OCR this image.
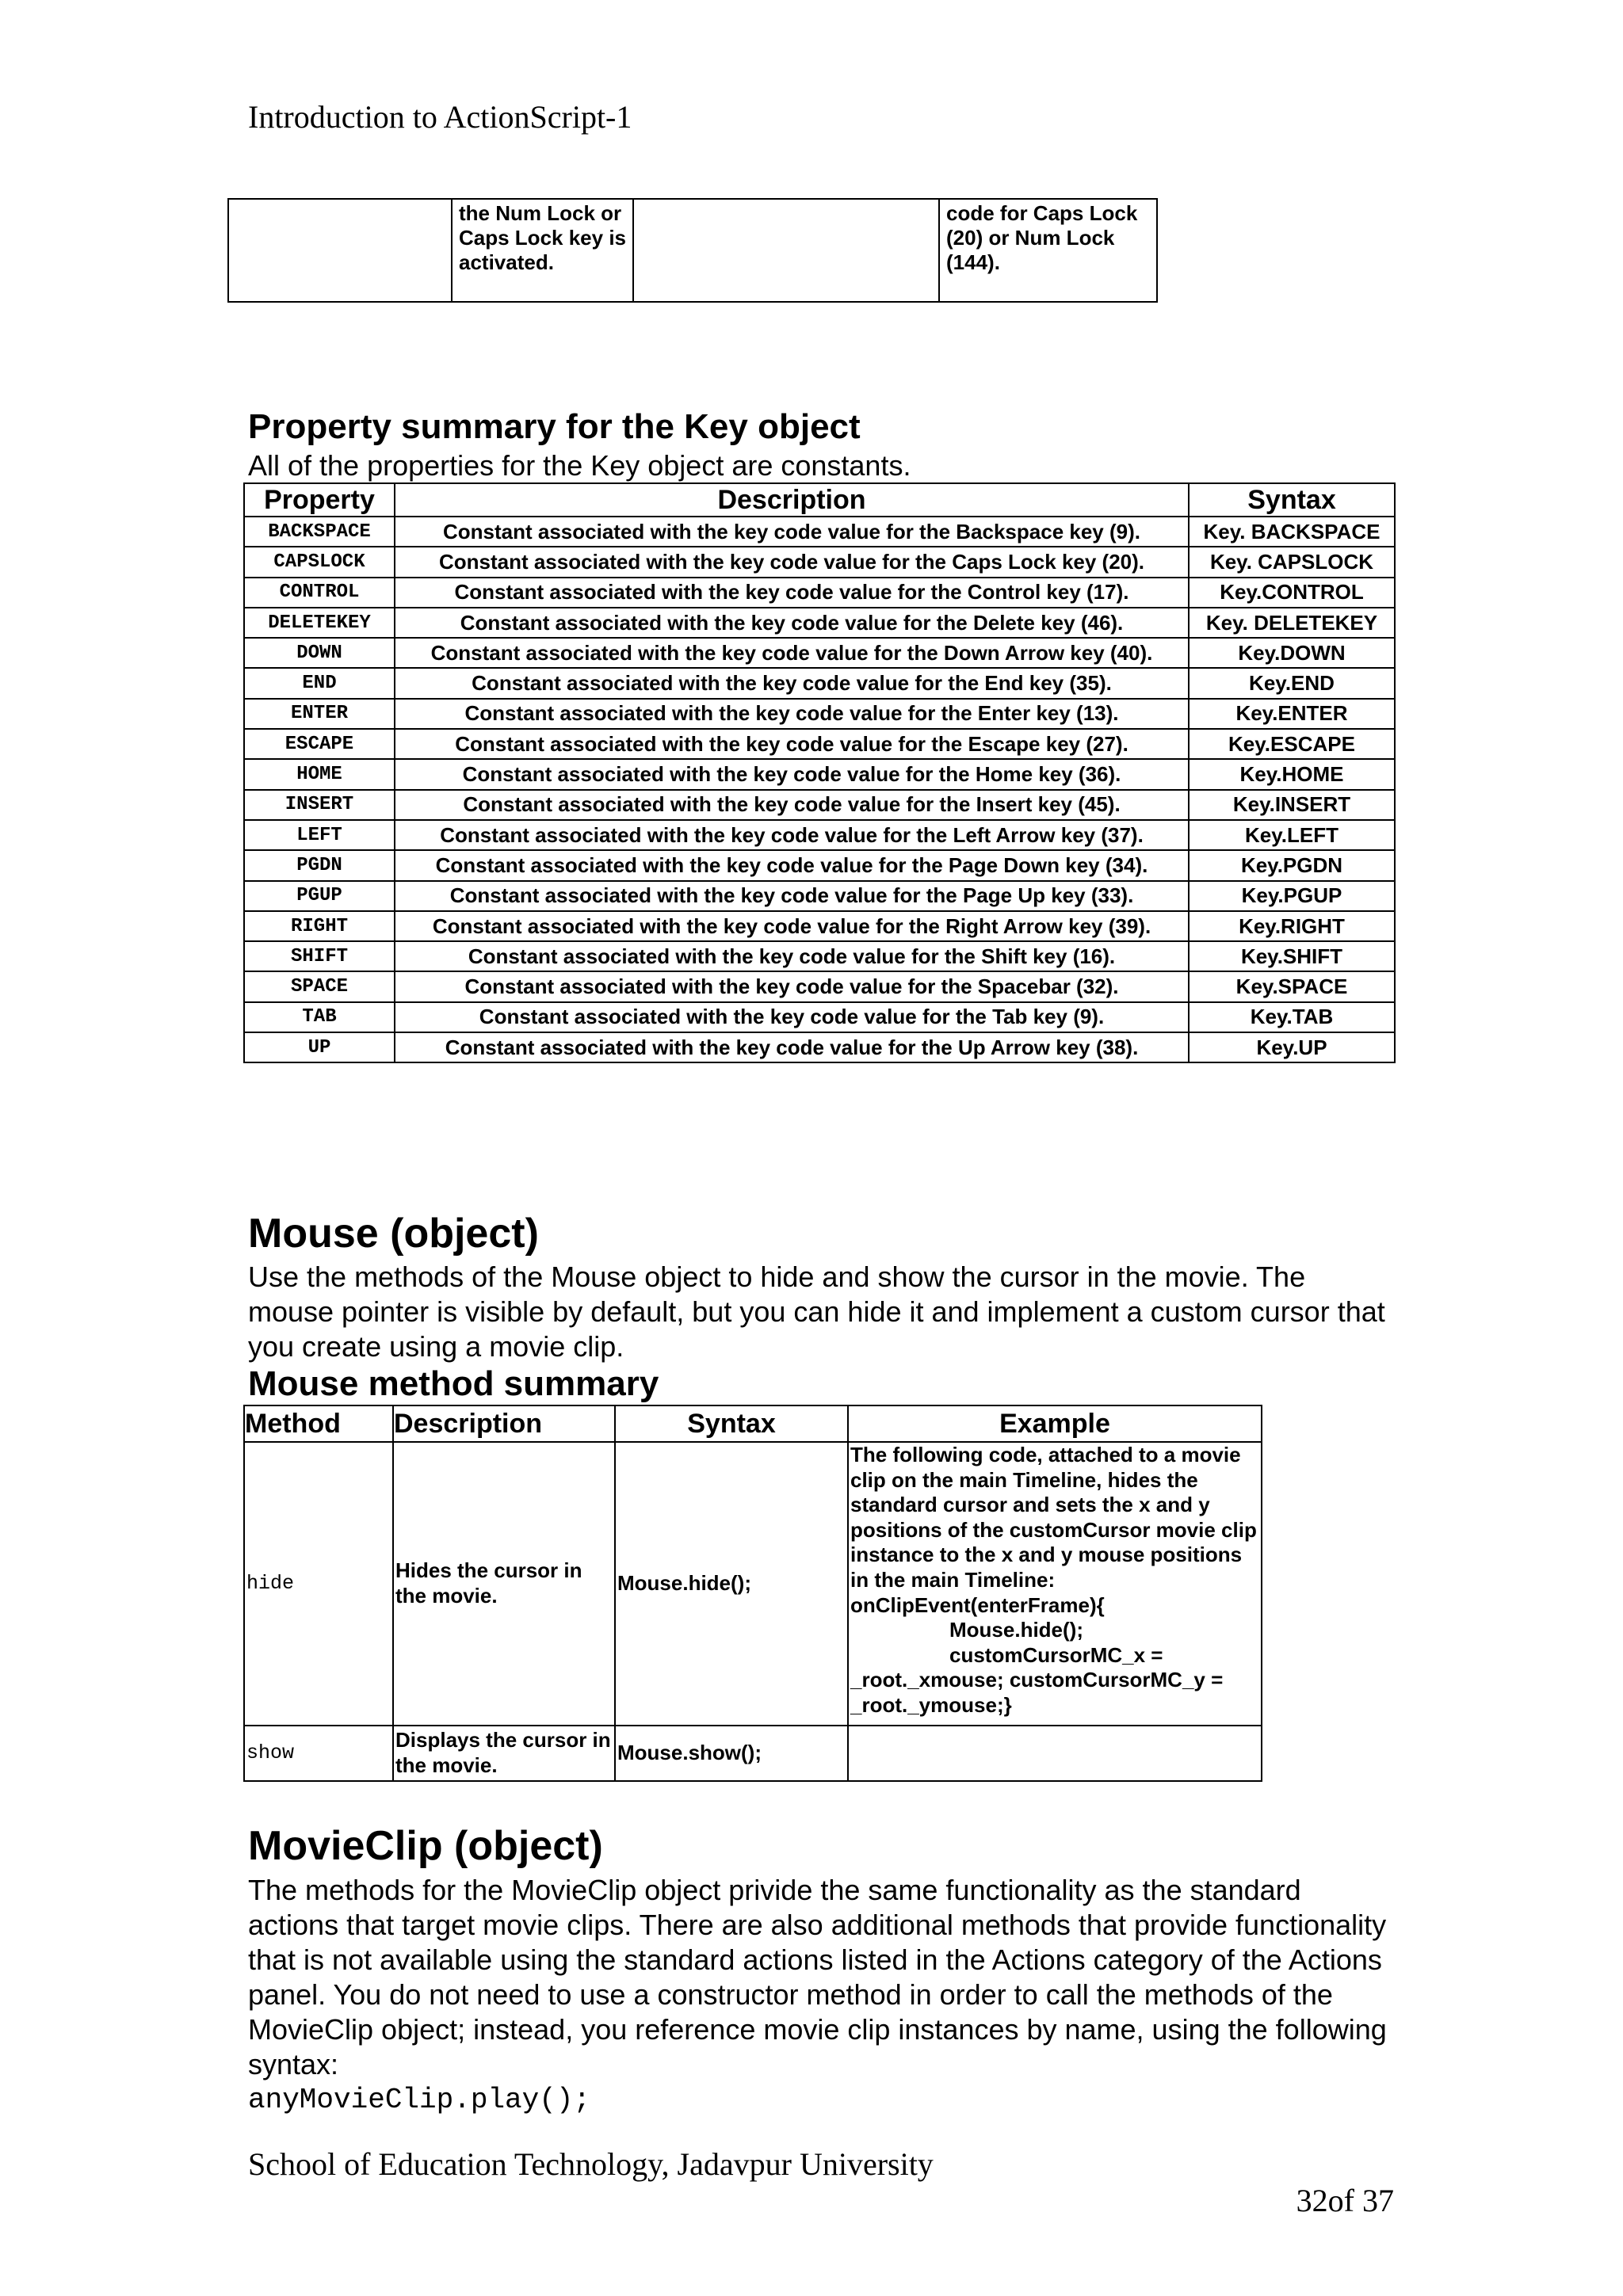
Introduction to ActionScript-1
	the Num Lock or Caps Lock key is activated.		code for Caps Lock (20) or Num Lock (144).
Property summary for the Key object
All of the properties for the Key object are constants.
Property	Description	Syntax
BACKSPACE	Constant associated with the key code value for the Backspace key (9).	Key. BACKSPACE
CAPSLOCK	Constant associated with the key code value for the Caps Lock key (20).	Key. CAPSLOCK
CONTROL	Constant associated with the key code value for the Control key (17).	Key.CONTROL
DELETEKEY	Constant associated with the key code value for the Delete key (46).	Key. DELETEKEY
DOWN	Constant associated with the key code value for the Down Arrow key (40).	Key.DOWN
END	Constant associated with the key code value for the End key (35).	Key.END
ENTER	Constant associated with the key code value for the Enter key (13).	Key.ENTER
ESCAPE	Constant associated with the key code value for the Escape key (27).	Key.ESCAPE
HOME	Constant associated with the key code value for the Home key (36).	Key.HOME
INSERT	Constant associated with the key code value for the Insert key (45).	Key.INSERT
LEFT	Constant associated with the key code value for the Left Arrow key (37).	Key.LEFT
PGDN	Constant associated with the key code value for the Page Down key (34).	Key.PGDN
PGUP	Constant associated with the key code value for the Page Up key (33).	Key.PGUP
RIGHT	Constant associated with the key code value for the Right Arrow key (39).	Key.RIGHT
SHIFT	Constant associated with the key code value for the Shift key (16).	Key.SHIFT
SPACE	Constant associated with the key code value for the Spacebar (32).	Key.SPACE
TAB	Constant associated with the key code value for the Tab key (9).	Key.TAB
UP	Constant associated with the key code value for the Up Arrow key (38).	Key.UP
Mouse (object)
Use the methods of the Mouse object to hide and show the cursor in the movie. The mouse pointer is visible by default, but you can hide it and implement a custom cursor that you create using a movie clip.
Mouse method summary
Method	Description	Syntax	Example
hide	Hides the cursor in the movie.	Mouse.hide();	The following code, attached to a movie clip on the main Timeline, hides the standard cursor and sets the x and y positions of the customCursor movie clip instance to the x and y mouse positions in the main Timeline: onClipEvent(enterFrame){
Mouse.hide();
customCursorMC_x =
_root._xmouse; customCursorMC_y = _root._ymouse;}
show	Displays the cursor in the movie.	Mouse.show();	
MovieClip (object)
The methods for the MovieClip object privide the same functionality as the standard actions that target movie clips. There are also additional methods that provide functionality that is not available using the standard actions listed in the Actions category of the Actions panel. You do not need to use a constructor method in order to call the methods of the MovieClip object; instead, you reference movie clip instances by name, using the following syntax:
anyMovieClip.play();
School of Education Technology, Jadavpur University
32of 37
